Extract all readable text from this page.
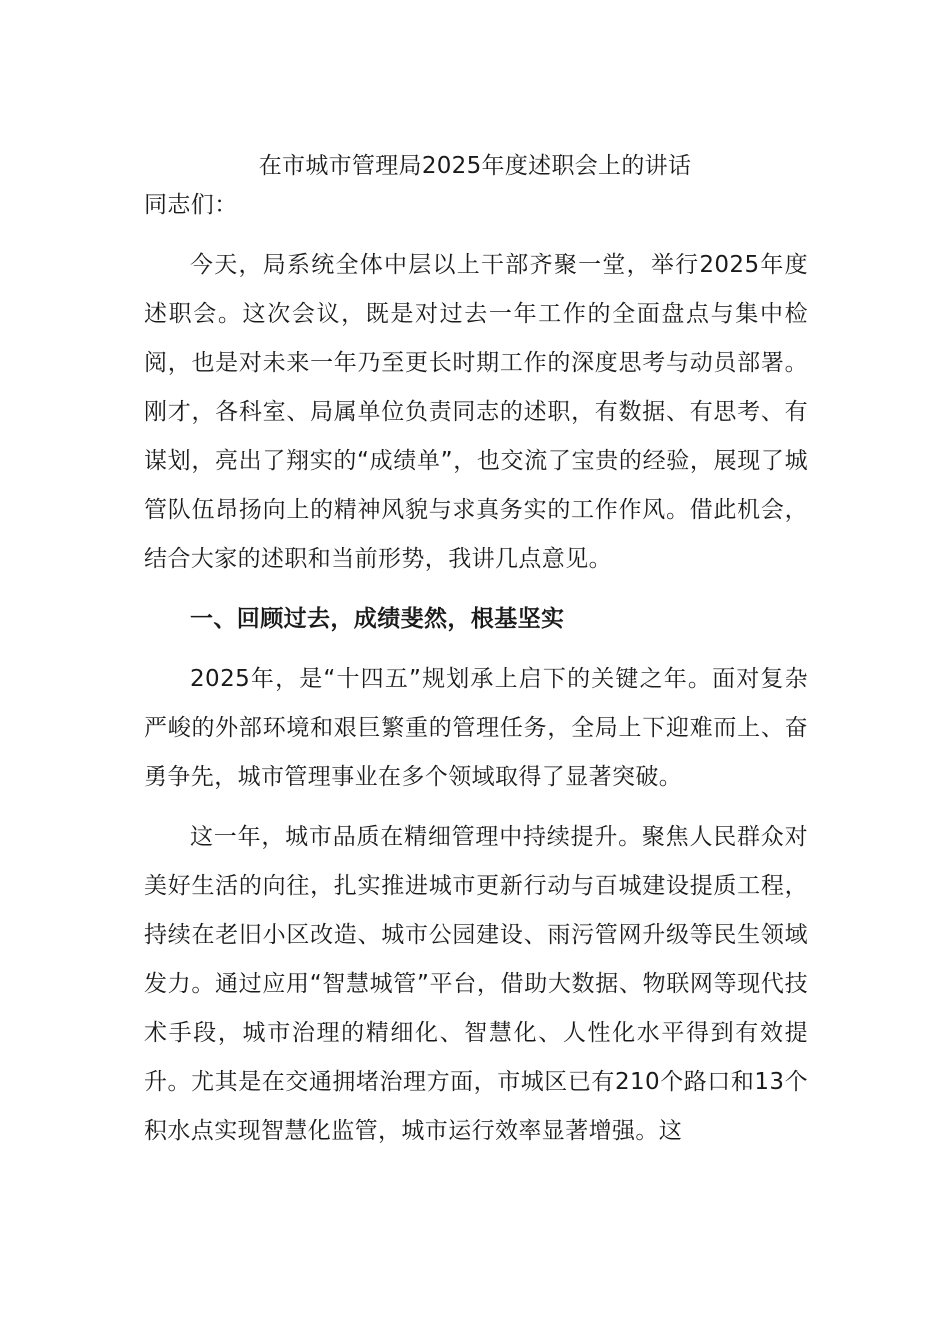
在市城市管理局2025年度述职会上的讲话

同志们：

今天，局系统全体中层以上干部齐聚一堂，举行2025年度述职会。这次会议，既是对过去一年工作的全面盘点与集中检阅，也是对未来一年乃至更长时期工作的深度思考与动员部署。刚才，各科室、局属单位负责同志的述职，有数据、有思考、有谋划，亮出了翔实的“成绩单”，也交流了宝贵的经验，展现了城管队伍昂扬向上的精神风貌与求真务实的工作作风。借此机会，结合大家的述职和当前形势，我讲几点意见。

一、回顾过去，成绩斐然，根基坚实

2025年，是“十四五”规划承上启下的关键之年。面对复杂严峻的外部环境和艰巨繁重的管理任务，全局上下迎难而上、奋勇争先，城市管理事业在多个领域取得了显著突破。

这一年，城市品质在精细管理中持续提升。聚焦人民群众对美好生活的向往，扎实推进城市更新行动与百城建设提质工程，持续在老旧小区改造、城市公园建设、雨污管网升级等民生领域发力。通过应用“智慧城管”平台，借助大数据、物联网等现代技术手段，城市治理的精细化、智慧化、人性化水平得到有效提升。尤其是在交通拥堵治理方面，市城区已有210个路口和13个积水点实现智慧化监管，城市运行效率显著增强。这
